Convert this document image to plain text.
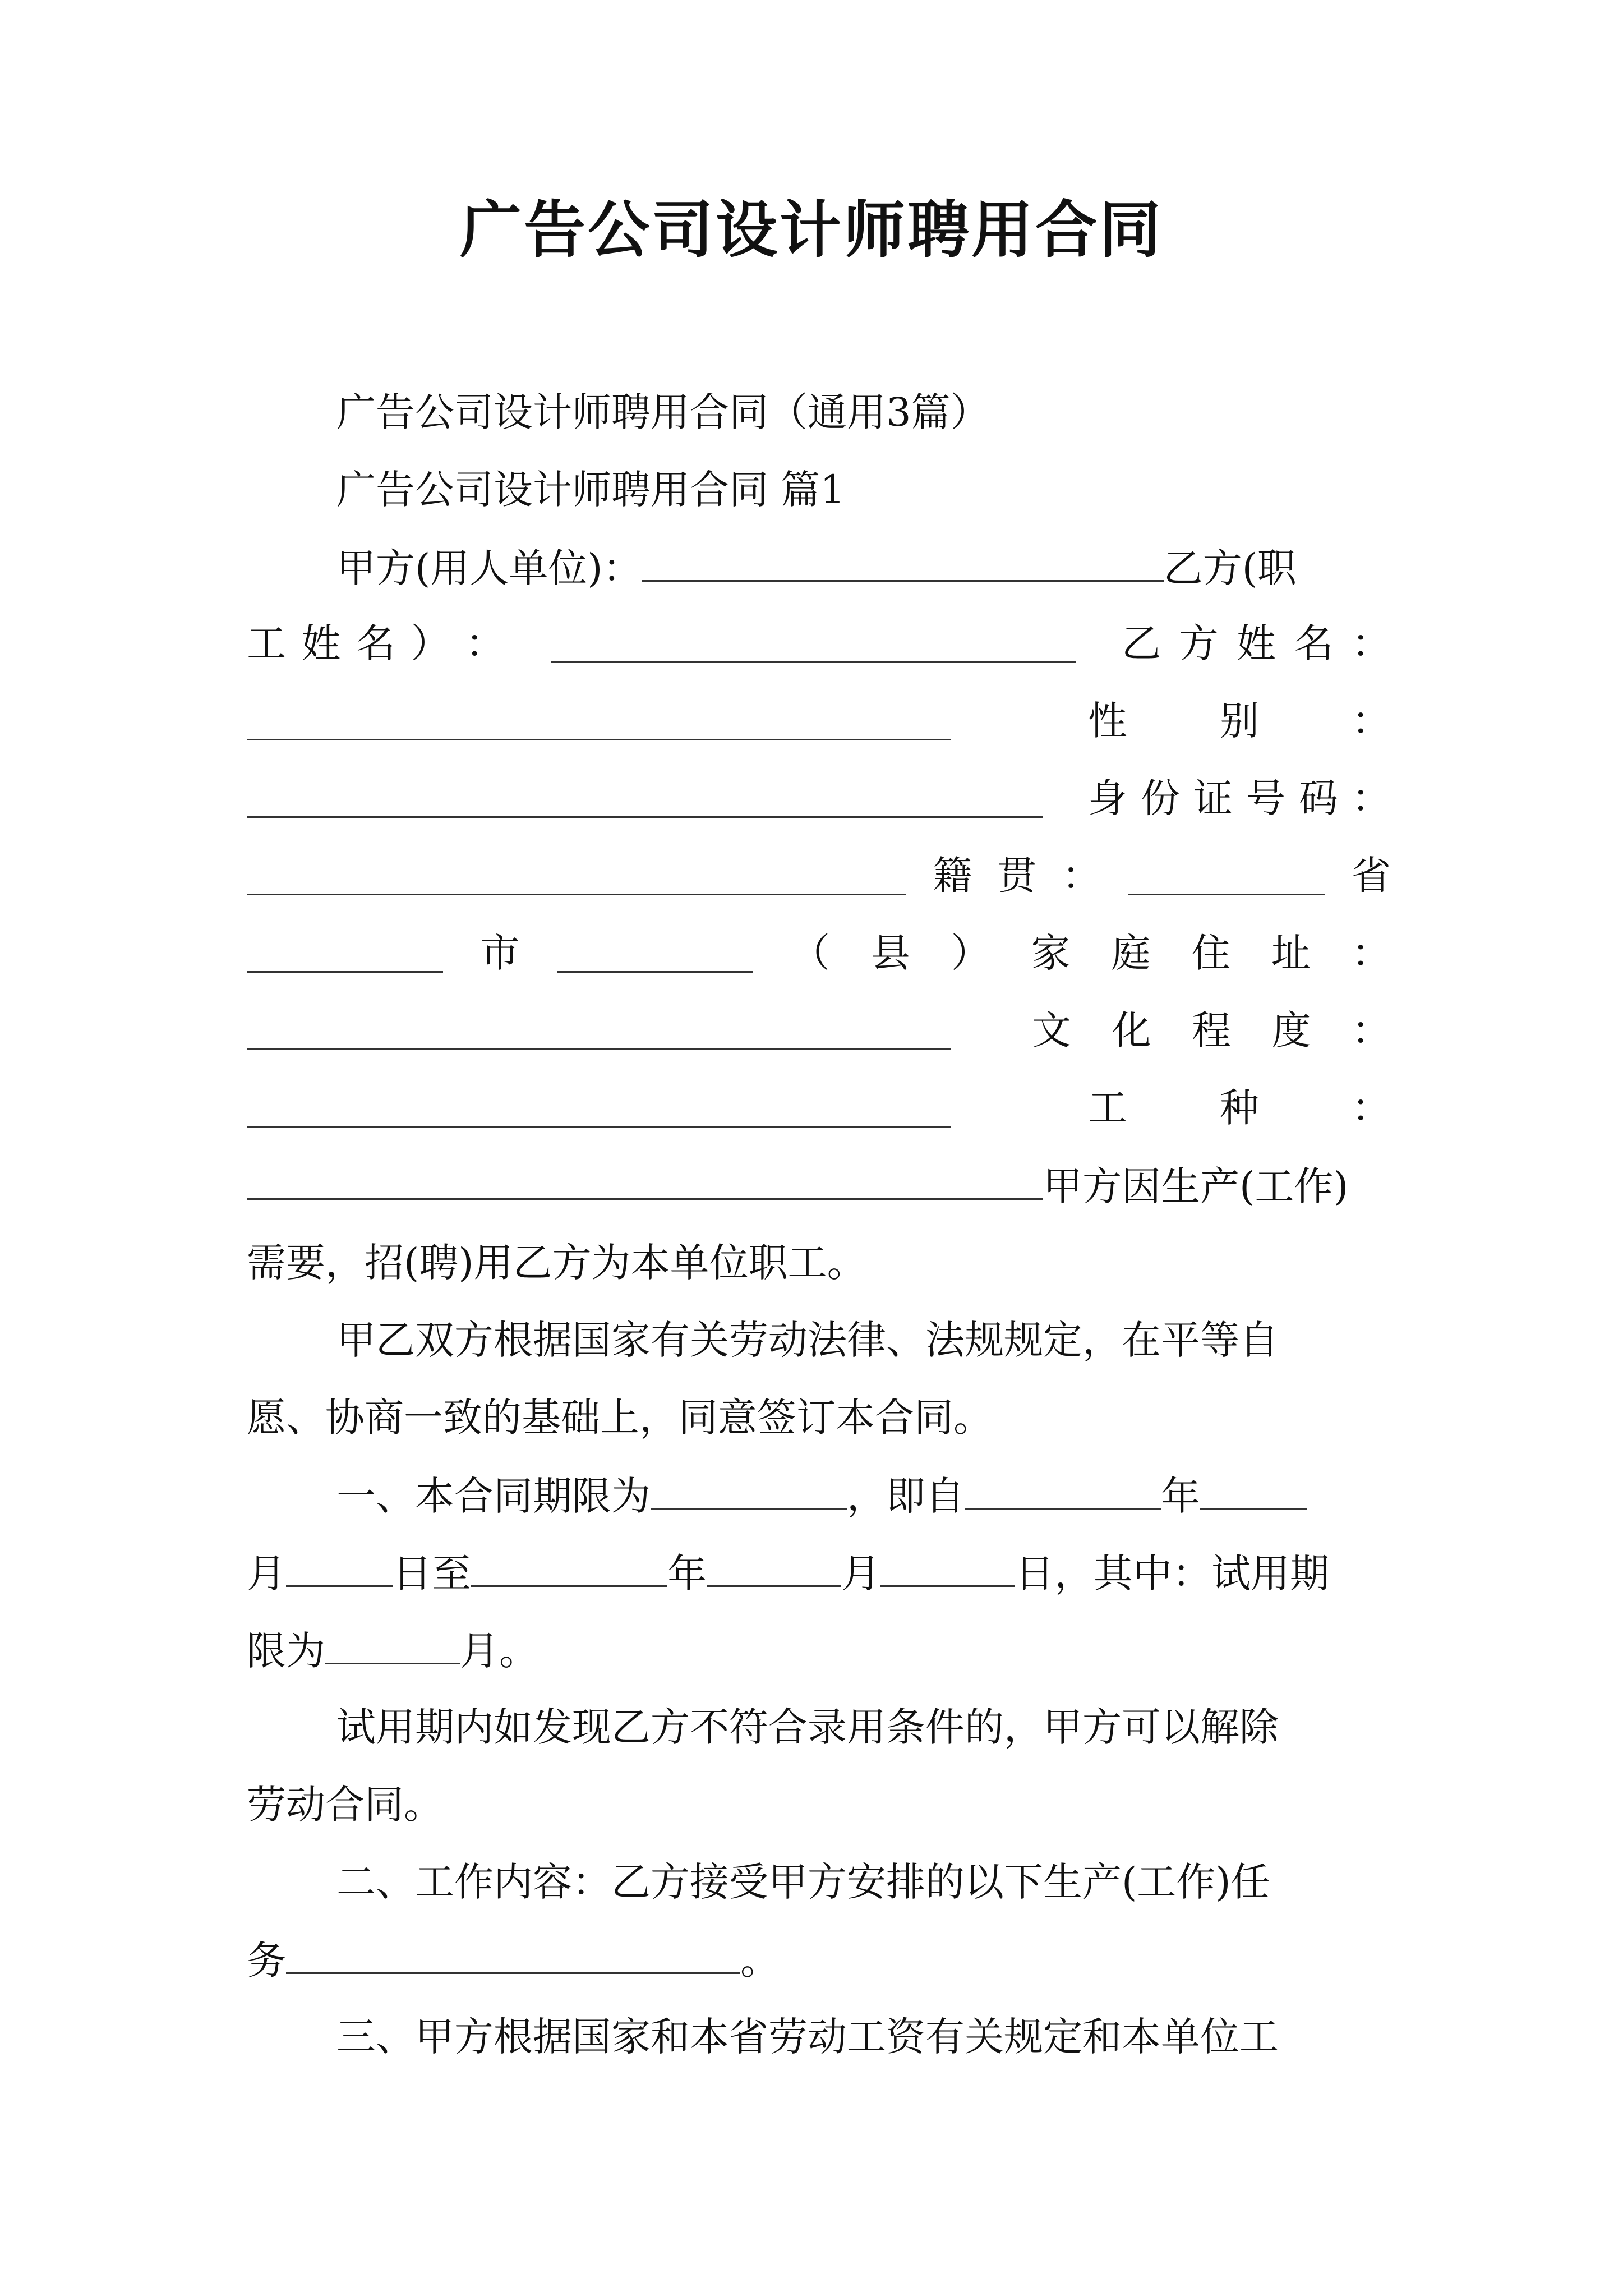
广告公司设计师聘用合同
广告公司设计师聘用合同（通用3篇）
广告公司设计师聘用合同 篇1
甲方(用人单位)：	乙方(职
工 姓 名 ） ：	乙 方 姓 名 ：
性 别 ：
身 份 证 号 码 ：
籍 贯 ：	省
市	（ 县 ） 家 庭 住 址 ：
文 化 程 度 ：
工 种 ：
甲方因生产(工作)
需要，招(聘)用乙方为本单位职工。
甲乙双方根据国家有关劳动法律、法规规定，在平等自
愿、协商一致的基础上，同意签订本合同。
一、本合同期限为	，即自	年
月	日至	年	月	日，其中：试用期
限为	月。
试用期内如发现乙方不符合录用条件的，甲方可以解除
劳动合同。
二、工作内容：乙方接受甲方安排的以下生产(工作)任
务	。
三、甲方根据国家和本省劳动工资有关规定和本单位工
